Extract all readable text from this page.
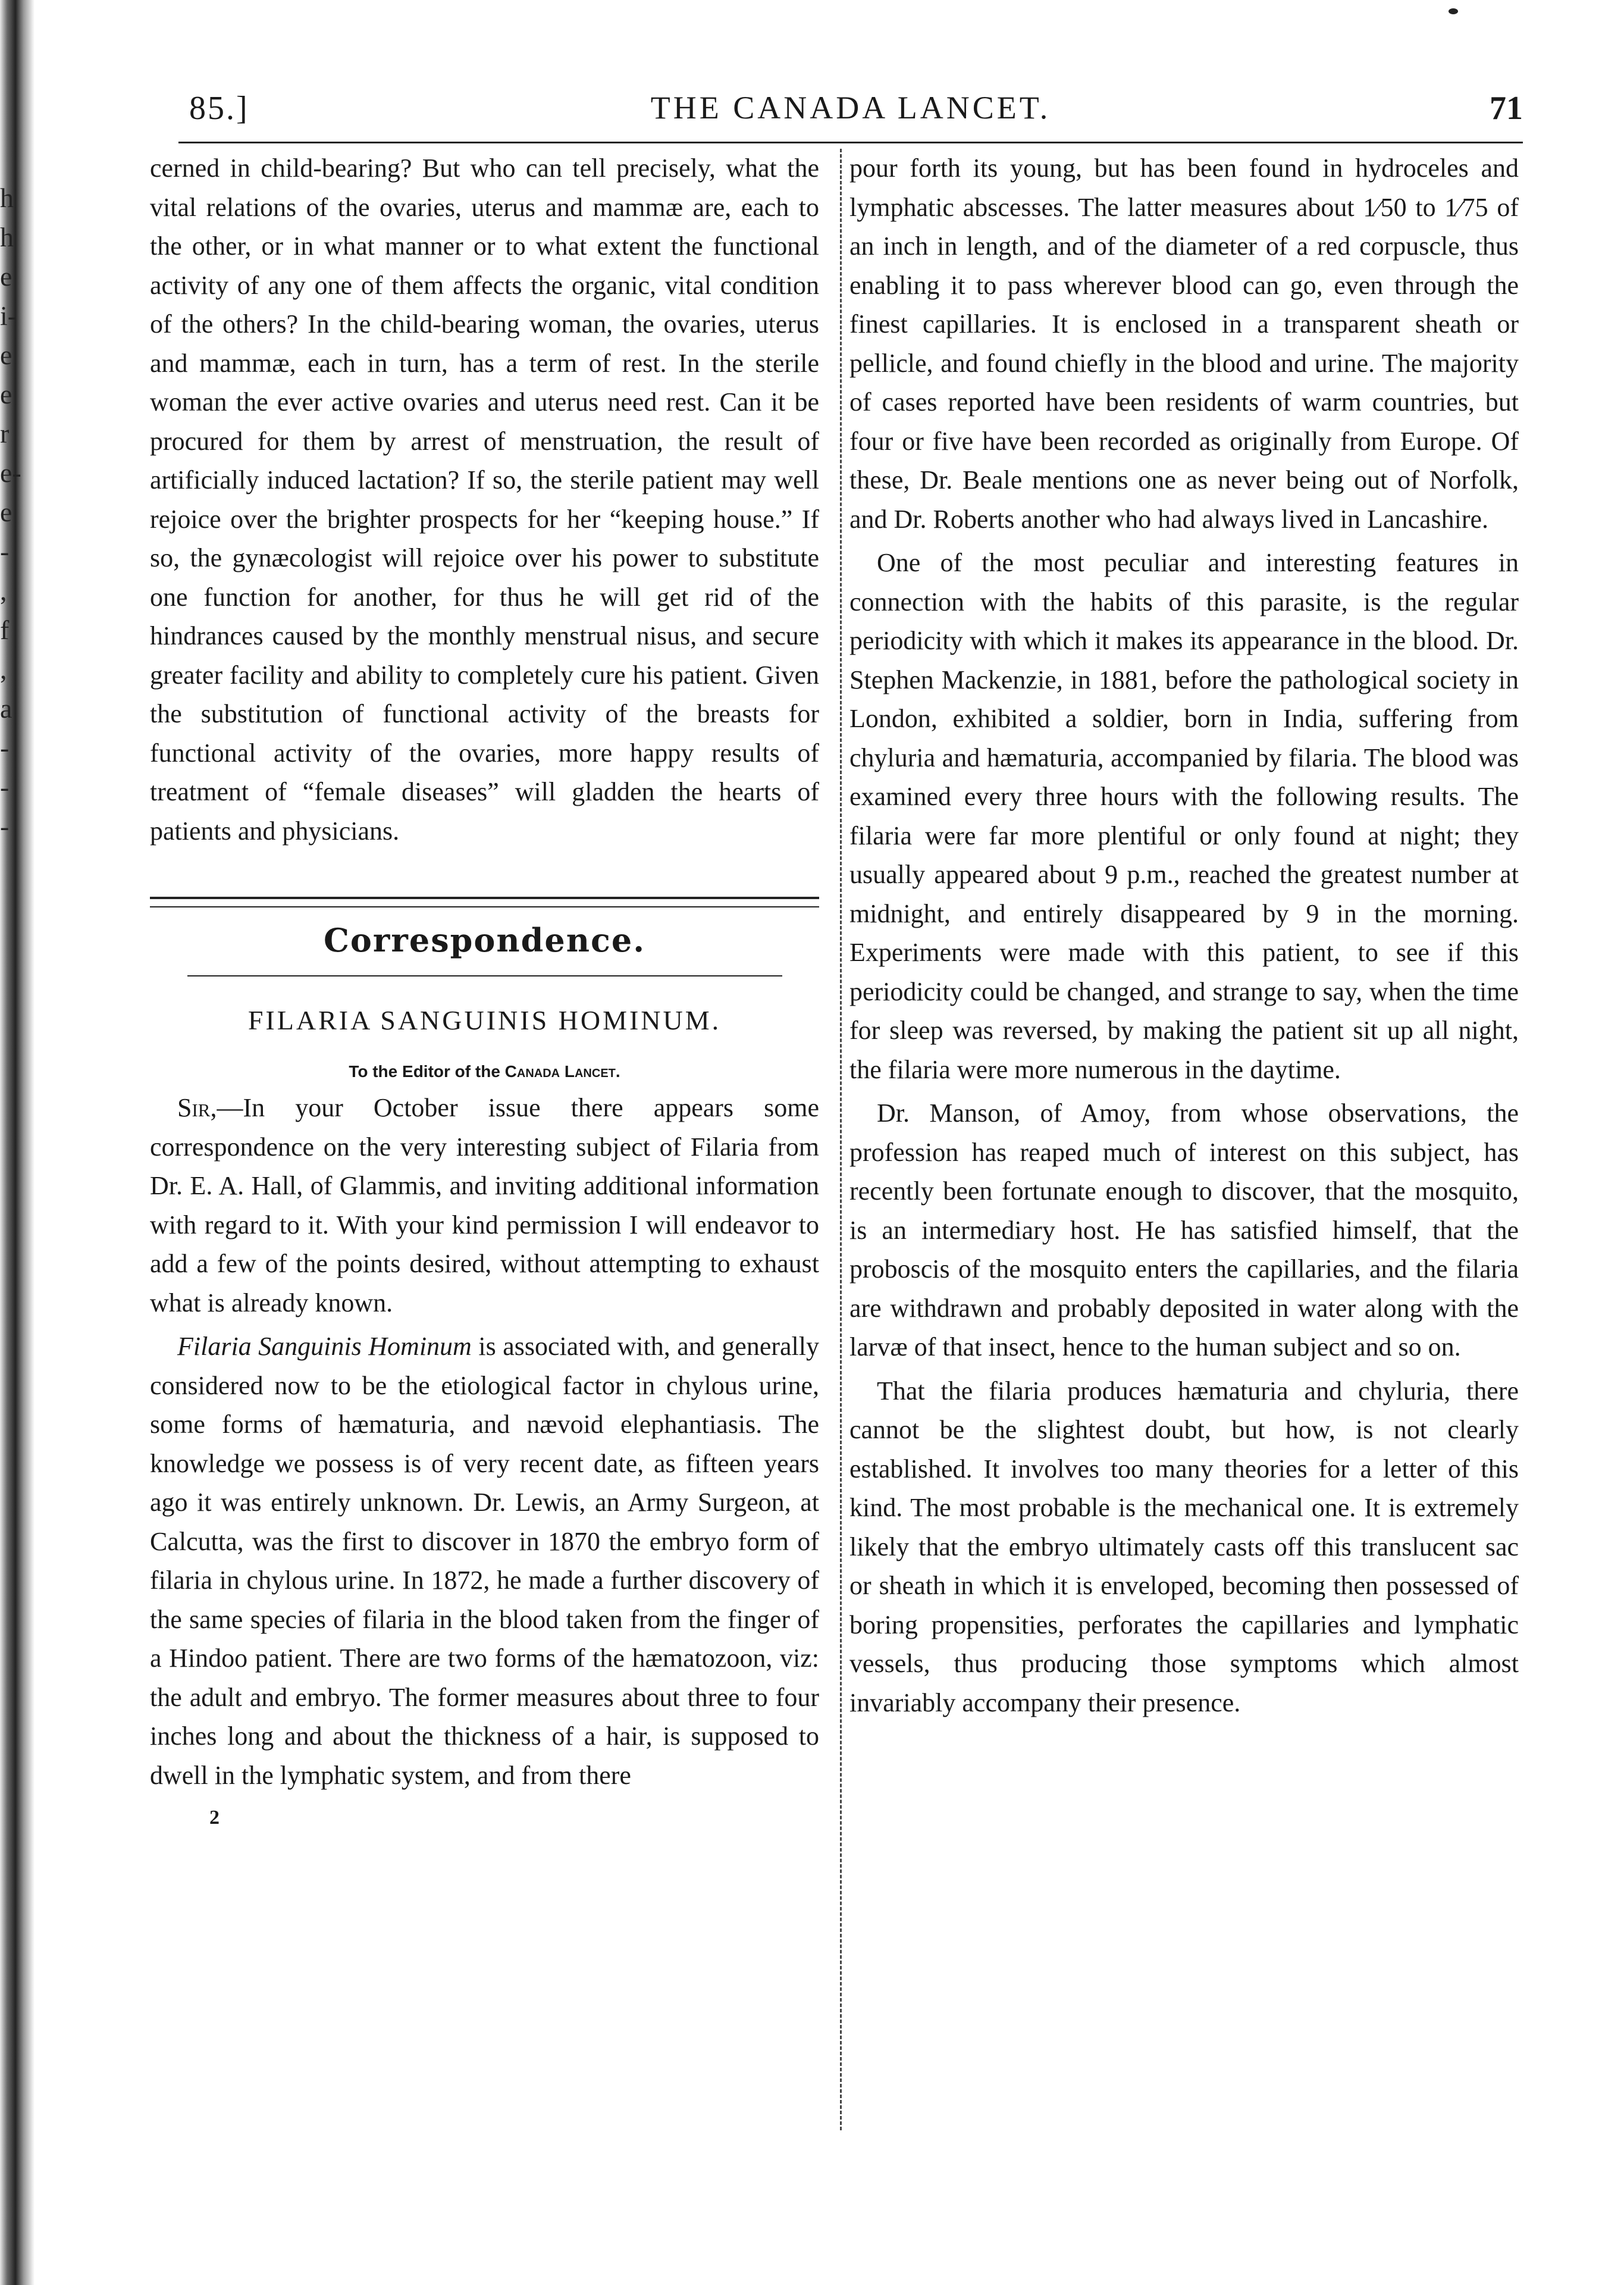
h
h
e
i-
e
e
r
e-
e
-
,
f
,
a
-
-
-
85.]	THE CANADA LANCET.	71

cerned in child-bearing? But who can tell precisely, what the vital relations of the ovaries, uterus and mammæ are, each to the other, or in what manner or to what extent the functional activity of any one of them affects the organic, vital condition of the others? In the child-bearing woman, the ovaries, uterus and mammæ, each in turn, has a term of rest. In the sterile woman the ever active ovaries and uterus need rest. Can it be procured for them by arrest of menstruation, the result of artificially induced lactation? If so, the sterile patient may well rejoice over the brighter prospects for her “keeping house.” If so, the gynæcologist will rejoice over his power to substitute one function for another, for thus he will get rid of the hindrances caused by the monthly menstrual nisus, and secure greater facility and ability to completely cure his patient. Given the substitution of functional activity of the breasts for functional activity of the ovaries, more happy results of treatment of “female diseases” will gladden the hearts of patients and physicians.

Correspondence.
FILARIA SANGUINIS HOMINUM.
To the Editor of the Canada Lancet.

Sir,—In your October issue there appears some correspondence on the very interesting subject of Filaria from Dr. E. A. Hall, of Glammis, and inviting additional information with regard to it. With your kind permission I will endeavor to add a few of the points desired, without attempting to exhaust what is already known.

Filaria Sanguinis Hominum is associated with, and generally considered now to be the etiological factor in chylous urine, some forms of hæmaturia, and nævoid elephantiasis. The knowledge we possess is of very recent date, as fifteen years ago it was entirely unknown. Dr. Lewis, an Army Surgeon, at Calcutta, was the first to discover in 1870 the embryo form of filaria in chylous urine. In 1872, he made a further discovery of the same species of filaria in the blood taken from the finger of a Hindoo patient. There are two forms of the hæmatozoon, viz: the adult and embryo. The former measures about three to four inches long and about the thickness of a hair, is supposed to dwell in the lymphatic system, and from there

2

pour forth its young, but has been found in hydroceles and lymphatic abscesses. The latter measures about 1⁄50 to 1⁄75 of an inch in length, and of the diameter of a red corpuscle, thus enabling it to pass wherever blood can go, even through the finest capillaries. It is enclosed in a transparent sheath or pellicle, and found chiefly in the blood and urine. The majority of cases reported have been residents of warm countries, but four or five have been recorded as originally from Europe. Of these, Dr. Beale mentions one as never being out of Norfolk, and Dr. Roberts another who had always lived in Lancashire.

One of the most peculiar and interesting features in connection with the habits of this parasite, is the regular periodicity with which it makes its appearance in the blood. Dr. Stephen Mackenzie, in 1881, before the pathological society in London, exhibited a soldier, born in India, suffering from chyluria and hæmaturia, accompanied by filaria. The blood was examined every three hours with the following results. The filaria were far more plentiful or only found at night; they usually appeared about 9 p.m., reached the greatest number at midnight, and entirely disappeared by 9 in the morning. Experiments were made with this patient, to see if this periodicity could be changed, and strange to say, when the time for sleep was reversed, by making the patient sit up all night, the filaria were more numerous in the daytime.

Dr. Manson, of Amoy, from whose observations, the profession has reaped much of interest on this subject, has recently been fortunate enough to discover, that the mosquito, is an intermediary host. He has satisfied himself, that the proboscis of the mosquito enters the capillaries, and the filaria are withdrawn and probably deposited in water along with the larvæ of that insect, hence to the human subject and so on.

That the filaria produces hæmaturia and chyluria, there cannot be the slightest doubt, but how, is not clearly established. It involves too many theories for a letter of this kind. The most probable is the mechanical one. It is extremely likely that the embryo ultimately casts off this translucent sac or sheath in which it is enveloped, becoming then possessed of boring propensities, perforates the capillaries and lymphatic vessels, thus producing those symptoms which almost invariably accompany their presence.
